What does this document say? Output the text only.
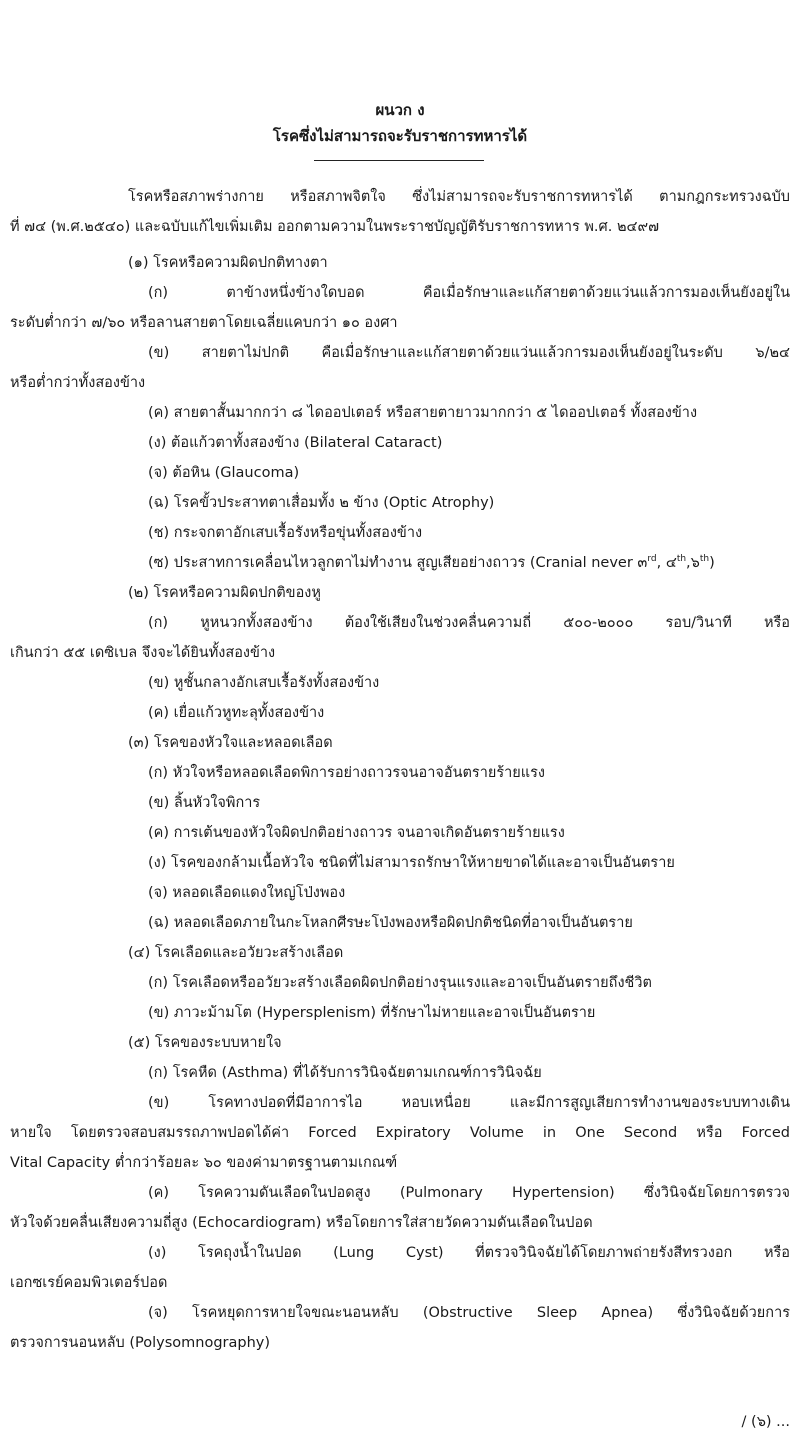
ผนวก ง
โรคซึ่งไม่สามารถจะรับราชการทหารได้
โรคหรือสภาพร่างกาย หรือสภาพจิตใจ ซึ่งไม่สามารถจะรับราชการทหารได้ ตามกฎกระทรวงฉบับ
ที่ ๗๔ (พ.ศ.๒๕๔๐) และฉบับแก้ไขเพิ่มเติม ออกตามความในพระราชบัญญัติรับราชการทหาร พ.ศ. ๒๔๙๗
(๑) โรคหรือความผิดปกติทางตา
(ก) ตาข้างหนึ่งข้างใดบอด คือเมื่อรักษาและแก้สายตาด้วยแว่นแล้วการมองเห็นยังอยู่ใน
ระดับต่ำกว่า ๗/๖๐ หรือลานสายตาโดยเฉลี่ยแคบกว่า ๑๐ องศา
(ข) สายตาไม่ปกติ คือเมื่อรักษาและแก้สายตาด้วยแว่นแล้วการมองเห็นยังอยู่ในระดับ ๖/๒๔
หรือต่ำกว่าทั้งสองข้าง
(ค) สายตาสั้นมากกว่า ๘ ไดออปเตอร์ หรือสายตายาวมากกว่า ๕ ไดออปเตอร์ ทั้งสองข้าง
(ง) ต้อแก้วตาทั้งสองข้าง (Bilateral Cataract)
(จ) ต้อหิน (Glaucoma)
(ฉ) โรคขั้วประสาทตาเสื่อมทั้ง ๒ ข้าง (Optic Atrophy)
(ช) กระจกตาอักเสบเรื้อรังหรือขุ่นทั้งสองข้าง
(ซ) ประสาทการเคลื่อนไหวลูกตาไม่ทำงาน สูญเสียอย่างถาวร (Cranial never ๓$^{rd}$, ๔$^{th}$,๖$^{th}$)
(๒) โรคหรือความผิดปกติของหู
(ก) หูหนวกทั้งสองข้าง ต้องใช้เสียงในช่วงคลื่นความถี่ ๕๐๐-๒๐๐๐ รอบ/วินาที หรือ
เกินกว่า ๕๕ เดซิเบล จึงจะได้ยินทั้งสองข้าง
(ข) หูชั้นกลางอักเสบเรื้อรังทั้งสองข้าง
(ค) เยื่อแก้วหูทะลุทั้งสองข้าง
(๓) โรคของหัวใจและหลอดเลือด
(ก) หัวใจหรือหลอดเลือดพิการอย่างถาวรจนอาจอันตรายร้ายแรง
(ข) ลิ้นหัวใจพิการ
(ค) การเต้นของหัวใจผิดปกติอย่างถาวร จนอาจเกิดอันตรายร้ายแรง
(ง) โรคของกล้ามเนื้อหัวใจ ชนิดที่ไม่สามารถรักษาให้หายขาดได้และอาจเป็นอันตราย
(จ) หลอดเลือดแดงใหญ่โป่งพอง
(ฉ) หลอดเลือดภายในกะโหลกศีรษะโป่งพองหรือผิดปกติชนิดที่อาจเป็นอันตราย
(๔) โรคเลือดและอวัยวะสร้างเลือด
(ก) โรคเลือดหรืออวัยวะสร้างเลือดผิดปกติอย่างรุนแรงและอาจเป็นอันตรายถึงชีวิต
(ข) ภาวะม้ามโต (Hypersplenism) ที่รักษาไม่หายและอาจเป็นอันตราย
(๕) โรคของระบบหายใจ
(ก) โรคหืด (Asthma) ที่ได้รับการวินิจฉัยตามเกณฑ์การวินิจฉัย
(ข) โรคทางปอดที่มีอาการไอ หอบเหนื่อย และมีการสูญเสียการทำงานของระบบทางเดิน
หายใจ โดยตรวจสอบสมรรถภาพปอดได้ค่า Forced Expiratory Volume in One Second หรือ Forced
Vital Capacity ต่ำกว่าร้อยละ ๖๐ ของค่ามาตรฐานตามเกณฑ์
(ค) โรคความดันเลือดในปอดสูง (Pulmonary Hypertension) ซึ่งวินิจฉัยโดยการตรวจ
หัวใจด้วยคลื่นเสียงความถี่สูง (Echocardiogram) หรือโดยการใส่สายวัดความดันเลือดในปอด
(ง) โรคถุงน้ำในปอด (Lung Cyst) ที่ตรวจวินิจฉัยได้โดยภาพถ่ายรังสีทรวงอก หรือ
เอกซเรย์คอมพิวเตอร์ปอด
(จ) โรคหยุดการหายใจขณะนอนหลับ (Obstructive Sleep Apnea) ซึ่งวินิจฉัยด้วยการ
ตรวจการนอนหลับ (Polysomnography)
/ (๖) ...
